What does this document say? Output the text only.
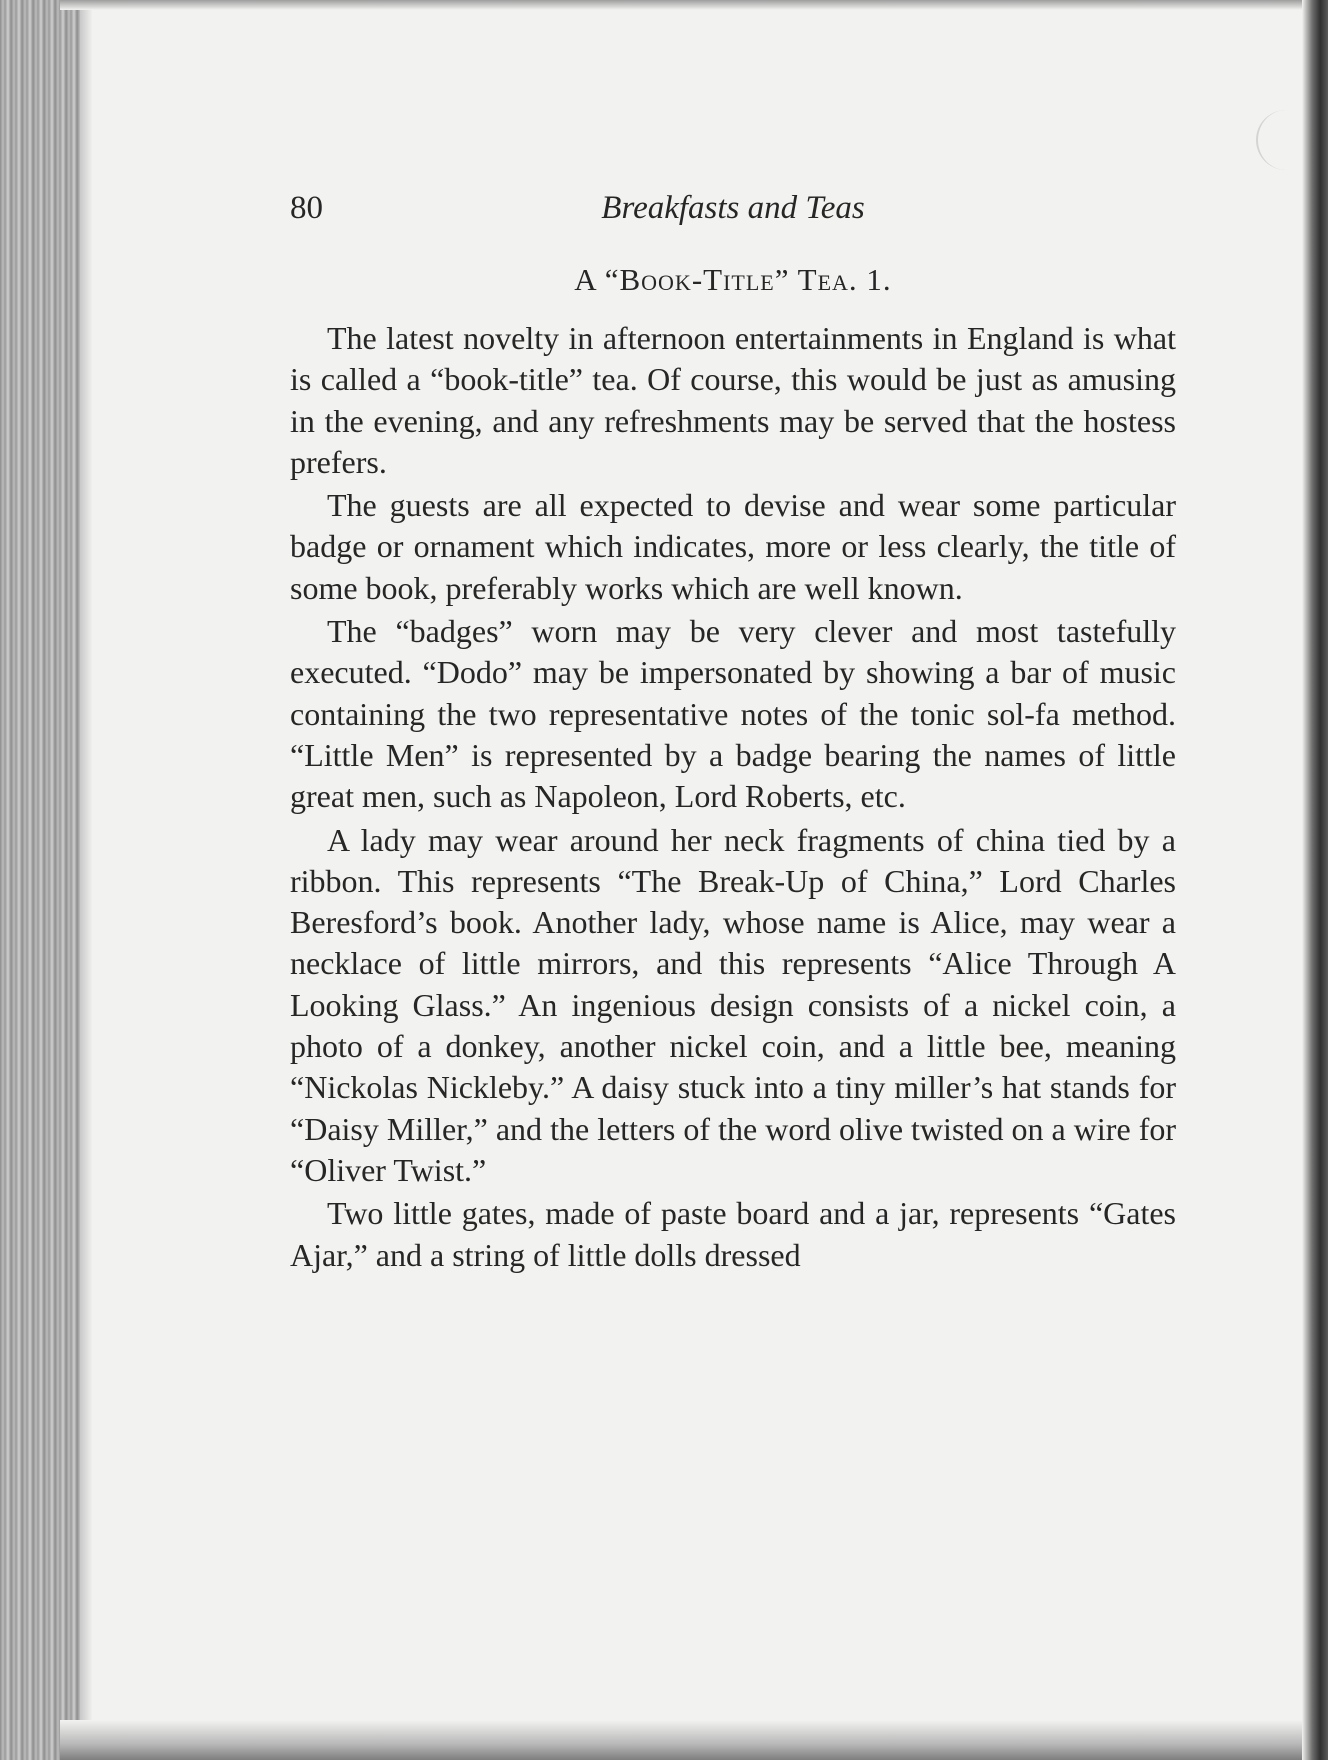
80	Breakfasts and Teas
A “Book-Title” Tea. 1.

The latest novelty in afternoon entertainments in England is what is called a “book-title” tea. Of course, this would be just as amusing in the evening, and any refreshments may be served that the hostess prefers.

The guests are all expected to devise and wear some particular badge or ornament which indicates, more or less clearly, the title of some book, preferably works which are well known.

The “badges” worn may be very clever and most tastefully executed. “Dodo” may be impersonated by showing a bar of music containing the two representative notes of the tonic sol-fa method. “Little Men” is represented by a badge bearing the names of little great men, such as Napoleon, Lord Roberts, etc.

A lady may wear around her neck fragments of china tied by a ribbon. This represents “The Break-Up of China,” Lord Charles Beresford’s book. Another lady, whose name is Alice, may wear a necklace of little mirrors, and this represents “Alice Through A Looking Glass.” An ingenious design consists of a nickel coin, a photo of a donkey, another nickel coin, and a little bee, meaning “Nickolas Nickleby.” A daisy stuck into a tiny miller’s hat stands for “Daisy Miller,” and the letters of the word olive twisted on a wire for “Oliver Twist.”

Two little gates, made of paste board and a jar, represents “Gates Ajar,” and a string of little dolls dressed
